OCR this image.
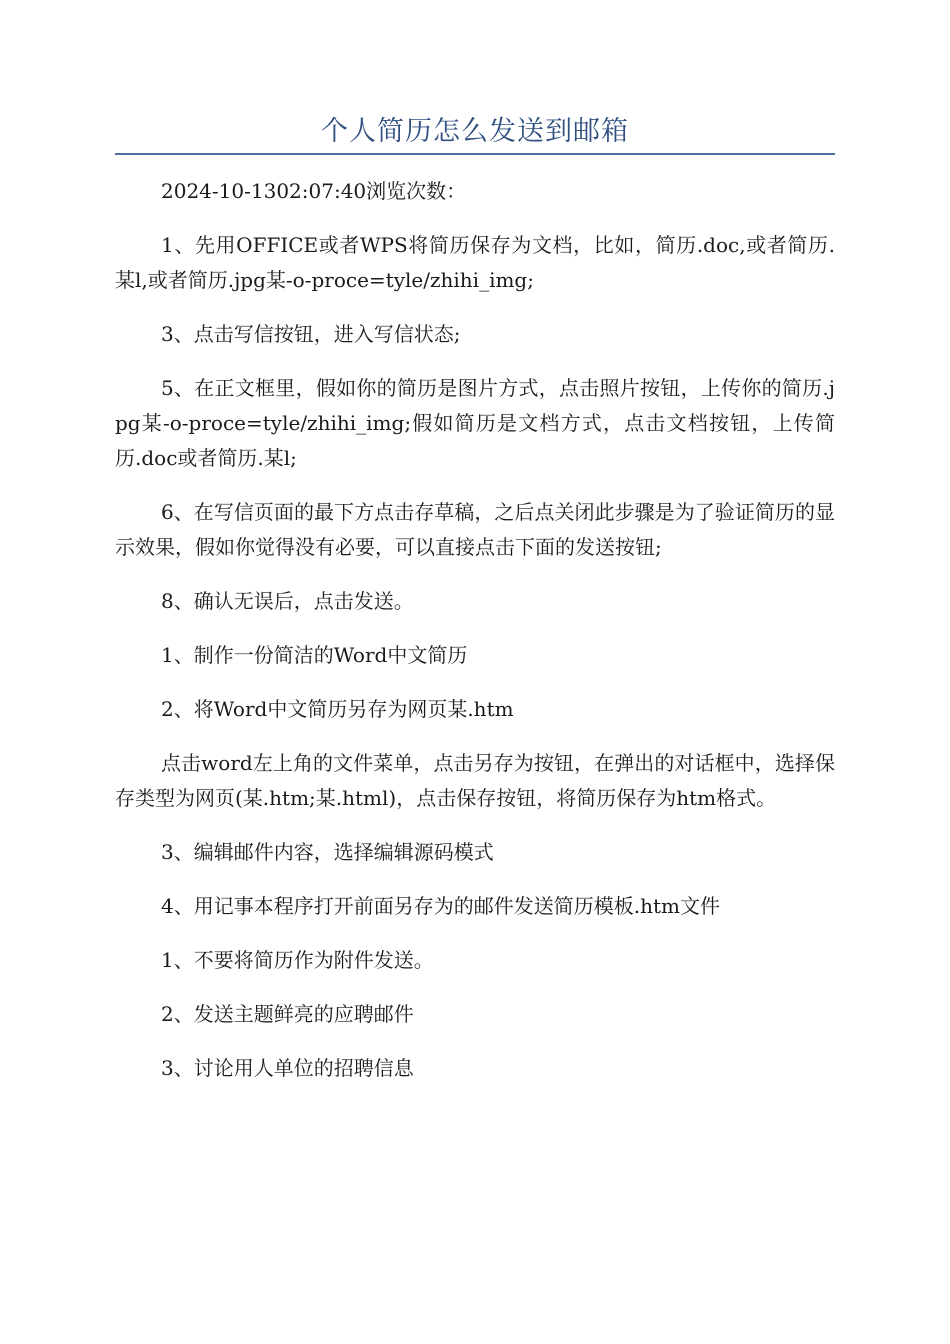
个人简历怎么发送到邮箱

2024-10-1302:07:40浏览次数：

1、先用OFFICE或者WPS将简历保存为文档，比如，简历.doc,或者简历.某l,或者简历.jpg某-o-proce=tyle/zhihi_img;

3、点击写信按钮，进入写信状态;

5、在正文框里，假如你的简历是图片方式，点击照片按钮，上传你的简历.jpg某-o-proce=tyle/zhihi_img;假如简历是文档方式，点击文档按钮，上传简历.doc或者简历.某l;

6、在写信页面的最下方点击存草稿，之后点关闭此步骤是为了验证简历的显示效果，假如你觉得没有必要，可以直接点击下面的发送按钮;

8、确认无误后，点击发送。

1、制作一份简洁的Word中文简历

2、将Word中文简历另存为网页某.htm

点击word左上角的文件菜单，点击另存为按钮，在弹出的对话框中，选择保存类型为网页(某.htm;某.html)，点击保存按钮，将简历保存为htm格式。

3、编辑邮件内容，选择编辑源码模式

4、用记事本程序打开前面另存为的邮件发送简历模板.htm文件

1、不要将简历作为附件发送。

2、发送主题鲜亮的应聘邮件

3、讨论用人单位的招聘信息
